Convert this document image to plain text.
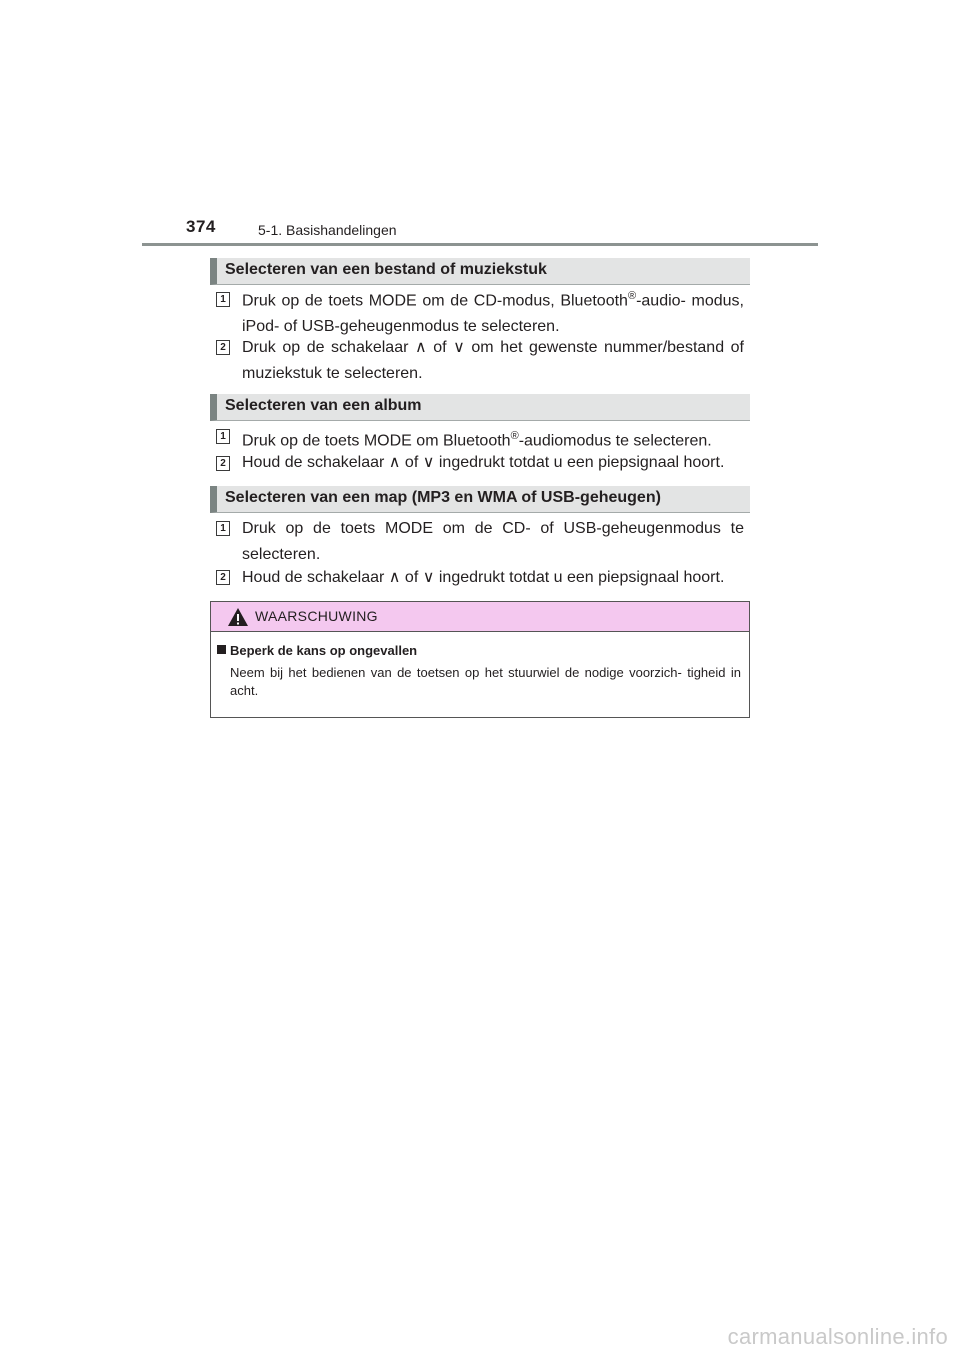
374	5-1. Basishandelingen
Selecteren van een bestand of muziekstuk
1 Druk op de toets MODE om de CD-modus, Bluetooth®-audio- modus, iPod- of USB-geheugenmodus te selecteren.
2 Druk op de schakelaar ∧ of ∨ om het gewenste nummer/bestand of muziekstuk te selecteren.
Selecteren van een album
1 Druk op de toets MODE om Bluetooth®-audiomodus te selecteren.
2 Houd de schakelaar ∧ of ∨ ingedrukt totdat u een piepsignaal hoort.
Selecteren van een map (MP3 en WMA of USB-geheugen)
1 Druk op de toets MODE om de CD- of USB-geheugenmodus te selecteren.
2 Houd de schakelaar ∧ of ∨ ingedrukt totdat u een piepsignaal hoort.
WAARSCHUWING
Beperk de kans op ongevallen
Neem bij het bedienen van de toetsen op het stuurwiel de nodige voorzich- tigheid in acht.
carmanualsonline.info
